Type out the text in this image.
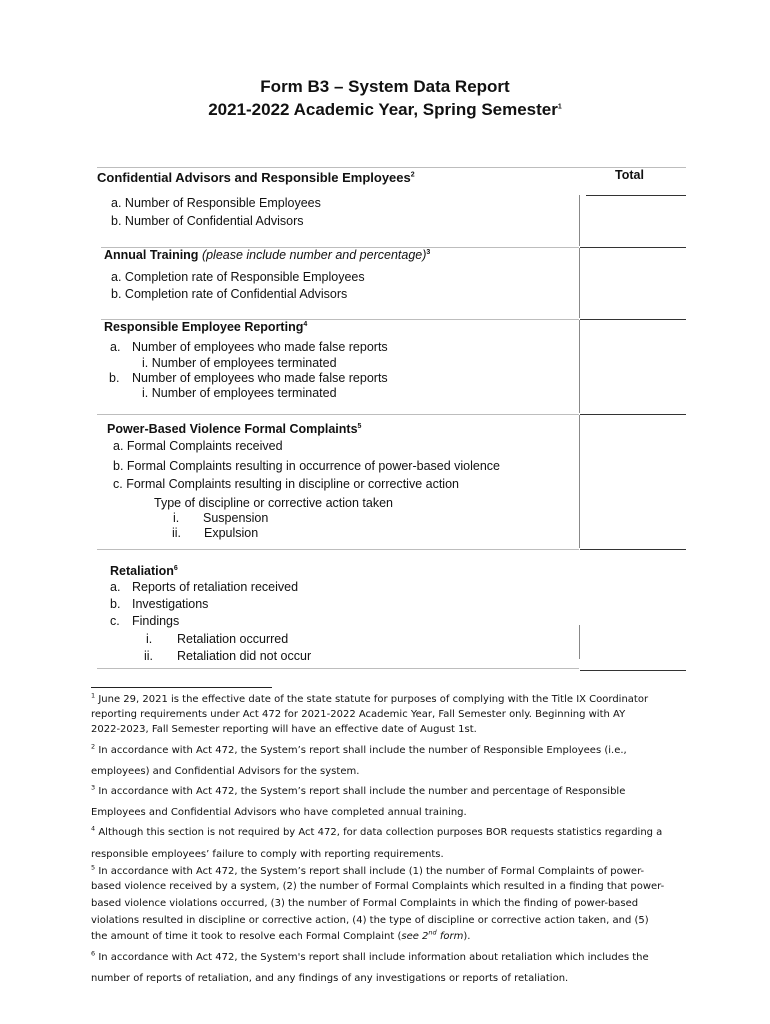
Form B3 – System Data Report
2021-2022 Academic Year, Spring Semester$^1$
Total
Confidential Advisors and Responsible Employees$^2$
a. Number of Responsible Employees
b. Number of Confidential Advisors
Annual Training (please include number and percentage)$^3$
a. Completion rate of Responsible Employees
b. Completion rate of Confidential Advisors
Responsible Employee Reporting$^4$
a. Number of employees who made false reports
i. Number of employees terminated
b. Number of employees who made false reports
i. Number of employees terminated
Power-Based Violence Formal Complaints$^5$
a. Formal Complaints received
b. Formal Complaints resulting in occurrence of power-based violence
c. Formal Complaints resulting in discipline or corrective action
Type of discipline or corrective action taken
i. Suspension
ii. Expulsion
Retaliation$^6$
a. Reports of retaliation received
b. Investigations
c. Findings
i. Retaliation occurred
ii. Retaliation did not occur
$^1$ June 29, 2021 is the effective date of the state statute for purposes of complying with the Title IX Coordinator
reporting requirements under Act 472 for 2021-2022 Academic Year, Fall Semester only. Beginning with AY
2022-2023, Fall Semester reporting will have an effective date of August 1st.
$^2$ In accordance with Act 472, the System’s report shall include the number of Responsible Employees (i.e.,
employees) and Confidential Advisors for the system.
$^3$ In accordance with Act 472, the System’s report shall include the number and percentage of Responsible
Employees and Confidential Advisors who have completed annual training.
$^4$ Although this section is not required by Act 472, for data collection purposes BOR requests statistics regarding a
responsible employees’ failure to comply with reporting requirements.
$^5$ In accordance with Act 472, the System’s report shall include (1) the number of Formal Complaints of power-
based violence received by a system, (2) the number of Formal Complaints which resulted in a finding that power-
based violence violations occurred, (3) the number of Formal Complaints in which the finding of power-based
violations resulted in discipline or corrective action, (4) the type of discipline or corrective action taken, and (5)
the amount of time it took to resolve each Formal Complaint (see 2nd form).
$^6$ In accordance with Act 472, the System's report shall include information about retaliation which includes the
number of reports of retaliation, and any findings of any investigations or reports of retaliation.
